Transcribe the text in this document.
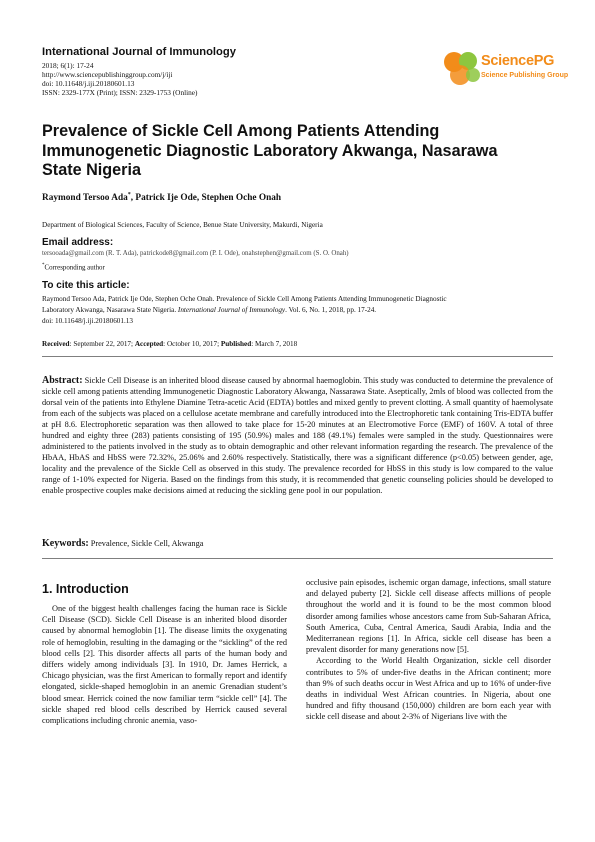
International Journal of Immunology
2018; 6(1): 17-24
http://www.sciencepublishinggroup.com/j/iji
doi: 10.11648/j.iji.20180601.13
ISSN: 2329-177X (Print); ISSN: 2329-1753 (Online)
SciencePG
Science Publishing Group
Prevalence of Sickle Cell Among Patients Attending
Immunogenetic Diagnostic Laboratory Akwanga, Nasarawa
State Nigeria
Raymond Tersoo Ada*, Patrick Ije Ode, Stephen Oche Onah
Department of Biological Sciences, Faculty of Science, Benue State University, Makurdi, Nigeria
Email address:
tersooada@gmail.com (R. T. Ada), patrickode8@gmail.com (P. I. Ode), onahstephen@gmail.com (S. O. Onah)
*Corresponding author
To cite this article:
Raymond Tersoo Ada, Patrick Ije Ode, Stephen Oche Onah. Prevalence of Sickle Cell Among Patients Attending Immunogenetic Diagnostic
Laboratory Akwanga, Nasarawa State Nigeria. International Journal of Immunology. Vol. 6, No. 1, 2018, pp. 17-24.
doi: 10.11648/j.iji.20180601.13
Received: September 22, 2017; Accepted: October 10, 2017; Published: March 7, 2018
Abstract: Sickle Cell Disease is an inherited blood disease caused by abnormal haemoglobin. This study was conducted to determine the prevalence of sickle cell among patients attending Immunogenetic Diagnostic Laboratory Akwanga, Nassarawa State. Aseptically, 2mls of blood was collected from the dorsal vein of the patients into Ethylene Diamine Tetra-acetic Acid (EDTA) bottles and mixed gently to prevent clotting. A small quantity of haemolysate from each of the subjects was placed on a cellulose acetate membrane and carefully introduced into the Electrophoretic tank containing Tris-EDTA buffer at pH 8.6. Electrophoretic separation was then allowed to take place for 15-20 minutes at an Electromotive Force (EMF) of 160V. A total of three hundred and eighty three (283) patients consisting of 195 (50.9%) males and 188 (49.1%) females were sampled in the study. Questionnaires were administered to the patients involved in the study as to obtain demographic and other relevant information regarding the research. The prevalence of the HbAA, HbAS and HbSS were 72.32%, 25.06% and 2.60% respectively. Statistically, there was a significant difference (p<0.05) between gender, age, locality and the prevalence of the Sickle Cell as observed in this study. The prevalence recorded for HbSS in this study is low compared to the value range of 1-10% expected for Nigeria. Based on the findings from this study, it is recommended that genetic counseling policies should be developed to enable prospective couples make decisions aimed at reducing the sickling gene pool in our population.
Keywords: Prevalence, Sickle Cell, Akwanga
1. Introduction

One of the biggest health challenges facing the human race is Sickle Cell Disease (SCD). Sickle Cell Disease is an inherited blood disorder caused by abnormal hemoglobin [1]. The disease limits the oxygenating role of hemoglobin, resulting in the damaging or the “sickling” of the red blood cells [2]. This disorder affects all parts of the human body and differs widely among individuals [3]. In 1910, Dr. James Herrick, a Chicago physician, was the first American to formally report and identify elongated, sickle-shaped hemoglobin in an anemic Grenadian student’s blood smear. Herrick coined the now familiar term “sickle cell” [4]. The sickle shaped red blood cells described by Herrick caused several complications including chronic anemia, vaso-

occlusive pain episodes, ischemic organ damage, infections, small stature and delayed puberty [2]. Sickle cell disease affects millions of people throughout the world and it is found to be the most common blood disorder among families whose ancestors came from Sub-Saharan Africa, South America, Cuba, Central America, Saudi Arabia, India and the Mediterranean regions [1]. In Africa, sickle cell disease has been a prevalent disorder for many generations now [5].

According to the World Health Organization, sickle cell disorder contributes to 5% of under-five deaths in the African continent; more than 9% of such deaths occur in West Africa and up to 16% of under-five deaths in individual West African countries. In Nigeria, about one hundred and fifty thousand (150,000) children are born each year with sickle cell disease and about 2-3% of Nigerians live with the
